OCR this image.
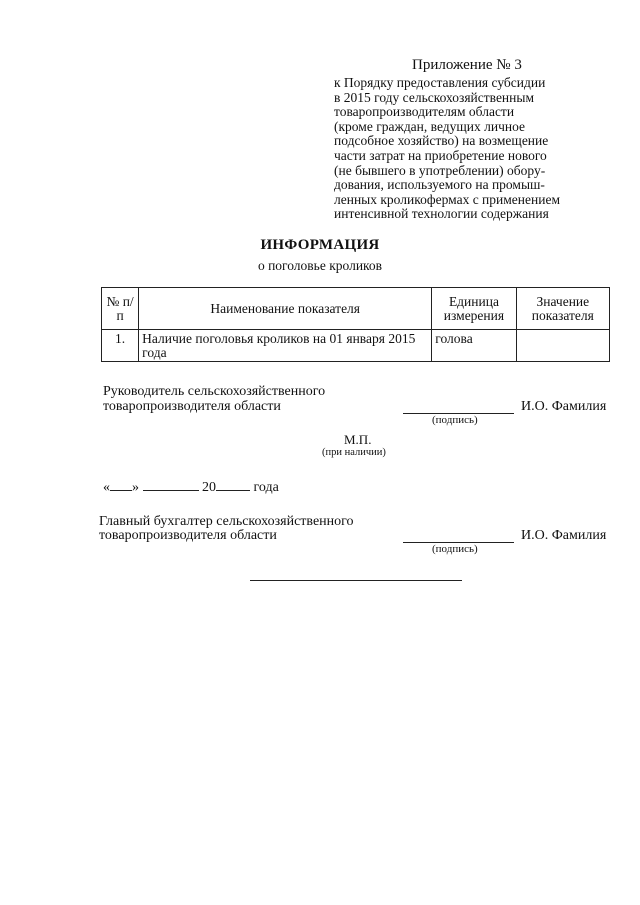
Приложение № 3
к Порядку предоставления субсидии
в 2015 году сельскохозяйственным
товаропроизводителям области
(кроме граждан, ведущих личное
подсобное хозяйство) на возмещение
части затрат на приобретение нового
(не бывшего в употреблении) обору-
дования, используемого на промыш-
ленных кроликофермах с применением
интенсивной технологии содержания
ИНФОРМАЦИЯ
о поголовье кроликов
№ п/п	Наименование показателя	Единица измерения	Значение показателя
1.	Наличие поголовья кроликов на 01 января 2015 года	голова	
Руководитель сельскохозяйственного
товаропроизводителя области	И.О. Фамилия
(подпись)
М.П.
(при наличии)
« »	20	года
Главный бухгалтер сельскохозяйственного
товаропроизводителя области	И.О. Фамилия
(подпись)
